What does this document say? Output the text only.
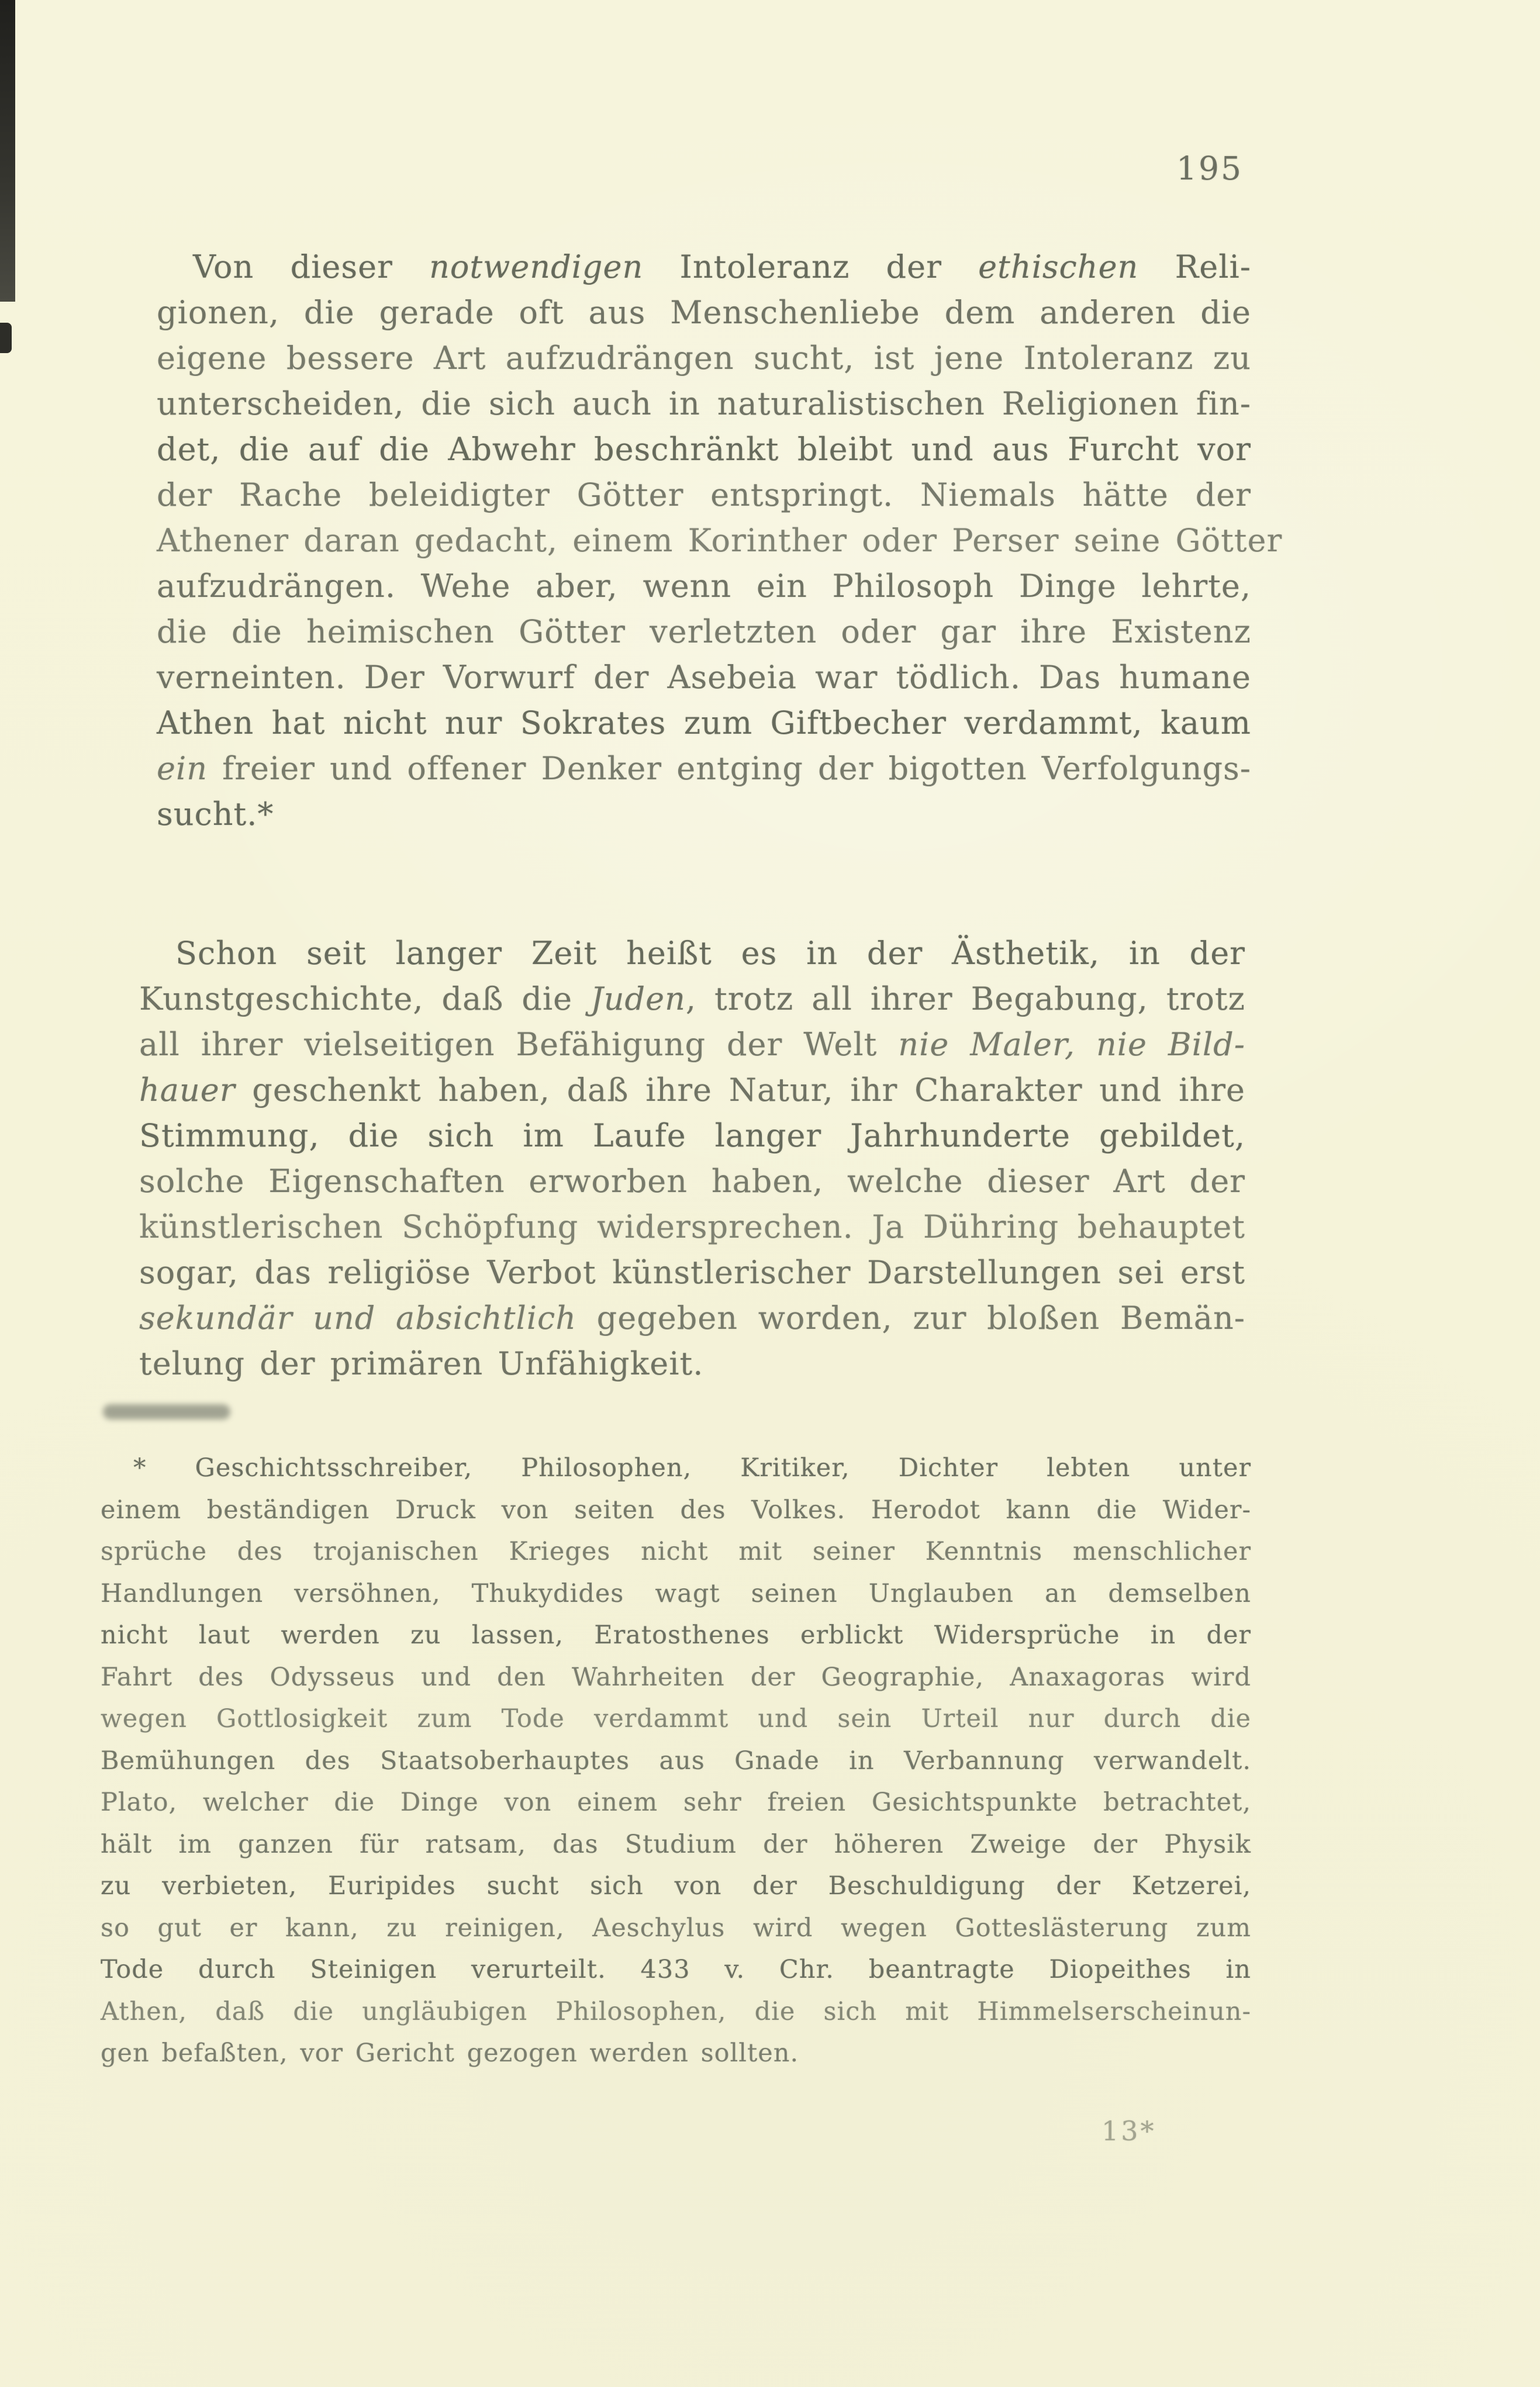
195
Von dieser notwendigen Intoleranz der ethischen Reli-
gionen, die gerade oft aus Menschenliebe dem anderen die
eigene bessere Art aufzudrängen sucht, ist jene Intoleranz zu
unterscheiden, die sich auch in naturalistischen Religionen fin-
det, die auf die Abwehr beschränkt bleibt und aus Furcht vor
der Rache beleidigter Götter entspringt. Niemals hätte der
Athener daran gedacht, einem Korinther oder Perser seine Götter
aufzudrängen. Wehe aber, wenn ein Philosoph Dinge lehrte,
die die heimischen Götter verletzten oder gar ihre Existenz
verneinten. Der Vorwurf der Asebeia war tödlich. Das humane
Athen hat nicht nur Sokrates zum Giftbecher verdammt, kaum
ein freier und offener Denker entging der bigotten Verfolgungs-
sucht.*
Schon seit langer Zeit heißt es in der Ästhetik, in der
Kunstgeschichte, daß die Juden, trotz all ihrer Begabung, trotz
all ihrer vielseitigen Befähigung der Welt nie Maler, nie Bild-
hauer geschenkt haben, daß ihre Natur, ihr Charakter und ihre
Stimmung, die sich im Laufe langer Jahrhunderte gebildet,
solche Eigenschaften erworben haben, welche dieser Art der
künstlerischen Schöpfung widersprechen. Ja Dühring behauptet
sogar, das religiöse Verbot künstlerischer Darstellungen sei erst
sekundär und absichtlich gegeben worden, zur bloßen Bemän-
telung der primären Unfähigkeit.
* Geschichtsschreiber, Philosophen, Kritiker, Dichter lebten unter
einem beständigen Druck von seiten des Volkes. Herodot kann die Wider-
sprüche des trojanischen Krieges nicht mit seiner Kenntnis menschlicher
Handlungen versöhnen, Thukydides wagt seinen Unglauben an demselben
nicht laut werden zu lassen, Eratosthenes erblickt Widersprüche in der
Fahrt des Odysseus und den Wahrheiten der Geographie, Anaxagoras wird
wegen Gottlosigkeit zum Tode verdammt und sein Urteil nur durch die
Bemühungen des Staatsoberhauptes aus Gnade in Verbannung verwandelt.
Plato, welcher die Dinge von einem sehr freien Gesichtspunkte betrachtet,
hält im ganzen für ratsam, das Studium der höheren Zweige der Physik
zu verbieten, Euripides sucht sich von der Beschuldigung der Ketzerei,
so gut er kann, zu reinigen, Aeschylus wird wegen Gotteslästerung zum
Tode durch Steinigen verurteilt. 433 v. Chr. beantragte Diopeithes in
Athen, daß die ungläubigen Philosophen, die sich mit Himmelserscheinun-
gen befaßten, vor Gericht gezogen werden sollten.
13*
